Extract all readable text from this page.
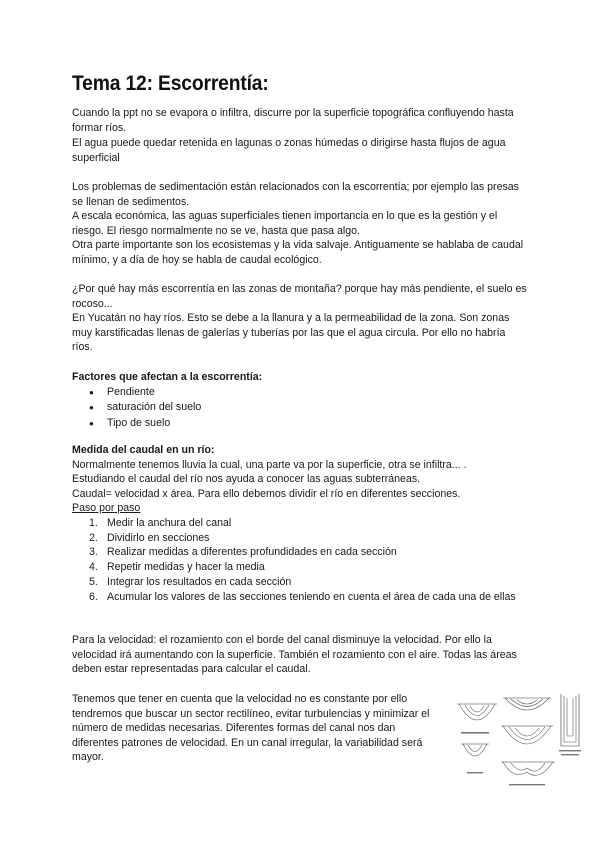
Tema 12: Escorrentía:

Cuando la ppt no se evapora o infiltra, discurre por la superficie topográfica confluyendo hasta formar ríos.

El agua puede quedar retenida en lagunas o zonas húmedas o dirigirse hasta flujos de agua superficial

Los problemas de sedimentación están relacionados con la escorrentía; por ejemplo las presas se llenan de sedimentos.

A escala económica, las aguas superficiales tienen importancia en lo que es la gestión y el riesgo. El riesgo normalmente no se ve, hasta que pasa algo.

Otra parte importante son los ecosistemas y la vida salvaje. Antiguamente se hablaba de caudal mínimo, y a día de hoy se habla de caudal ecológico.

¿Por qué hay más escorrentía en las zonas de montaña? porque hay más pendiente, el suelo es rocoso...

En Yucatán no hay ríos. Esto se debe a la llanura y a la permeabilidad de la zona. Son zonas muy karstificadas llenas de galerías y tuberías por las que el agua circula. Por ello no habría ríos.

Factores que afectan a la escorrentía:

● Pendiente
● saturación del suelo
● Tipo de suelo

Medida del caudal en un río:

Normalmente tenemos lluvia la cual, una parte va por la superficie, otra se infiltra... .

Estudiando el caudal del río nos ayuda a conocer las aguas subterráneas.

Caudal= velocidad x área. Para ello debemos dividir el río en diferentes secciones.

Paso por paso

1. Medir la anchura del canal
2. Dividirlo en secciones
3. Realizar medidas a diferentes profundidades en cada sección
4. Repetir medidas y hacer la media
5. Integrar los resultados en cada sección
6. Acumular los valores de las secciones teniendo en cuenta el área de cada una de ellas

Para la velocidad: el rozamiento con el borde del canal disminuye la velocidad. Por ello la velocidad irá aumentando con la superficie. También el rozamiento con el aire. Todas las áreas deben estar representadas para calcular el caudal.

Tenemos que tener en cuenta que la velocidad no es constante por ello tendremos que buscar un sector rectilíneo, evitar turbulencias y minimizar el número de medidas necesarias. Diferentes formas del canal nos dan diferentes patrones de velocidad. En un canal irregular, la variabilidad será mayor.
